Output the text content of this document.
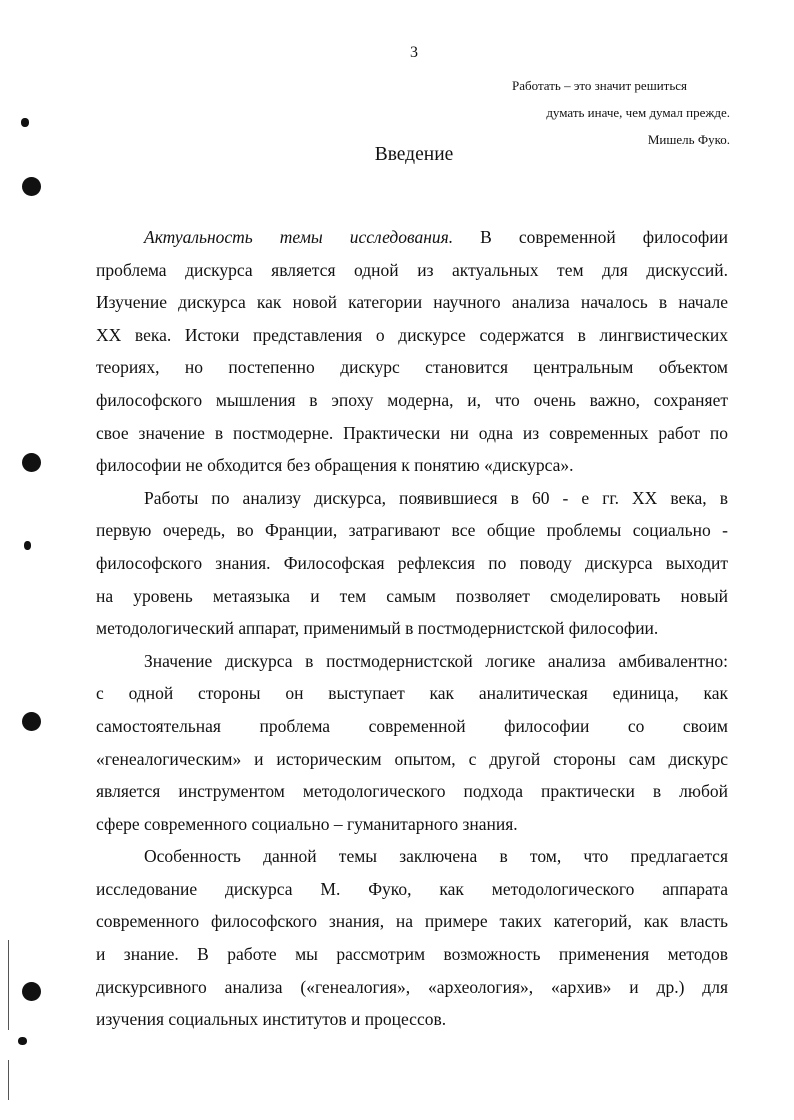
3
Работать – это значит решиться
думать иначе, чем думал прежде.
Мишель Фуко.
Введение
Актуальность темы исследования. В современной философии
проблема дискурса является одной из актуальных тем для дискуссий.
Изучение дискурса как новой категории научного анализа началось в начале
XX века. Истоки представления о дискурсе содержатся в лингвистических
теориях, но постепенно дискурс становится центральным объектом
философского мышления в эпоху модерна, и, что очень важно, сохраняет
свое значение в постмодерне. Практически ни одна из современных работ по
философии не обходится без обращения к понятию «дискурса».
Работы по анализу дискурса, появившиеся в 60 - е гг. XX века, в
первую очередь, во Франции, затрагивают все общие проблемы социально -
философского знания. Философская рефлексия по поводу дискурса выходит
на уровень метаязыка и тем самым позволяет смоделировать новый
методологический аппарат, применимый в постмодернистской философии.
Значение дискурса в постмодернистской логике анализа амбивалентно:
с одной стороны он выступает как аналитическая единица, как
самостоятельная проблема современной философии со своим
«генеалогическим» и историческим опытом, с другой стороны сам дискурс
является инструментом методологического подхода практически в любой
сфере современного социально – гуманитарного знания.
Особенность данной темы заключена в том, что предлагается
исследование дискурса М. Фуко, как методологического аппарата
современного философского знания, на примере таких категорий, как власть
и знание. В работе мы рассмотрим возможность применения методов
дискурсивного анализа («генеалогия», «археология», «архив» и др.) для
изучения социальных институтов и процессов.
